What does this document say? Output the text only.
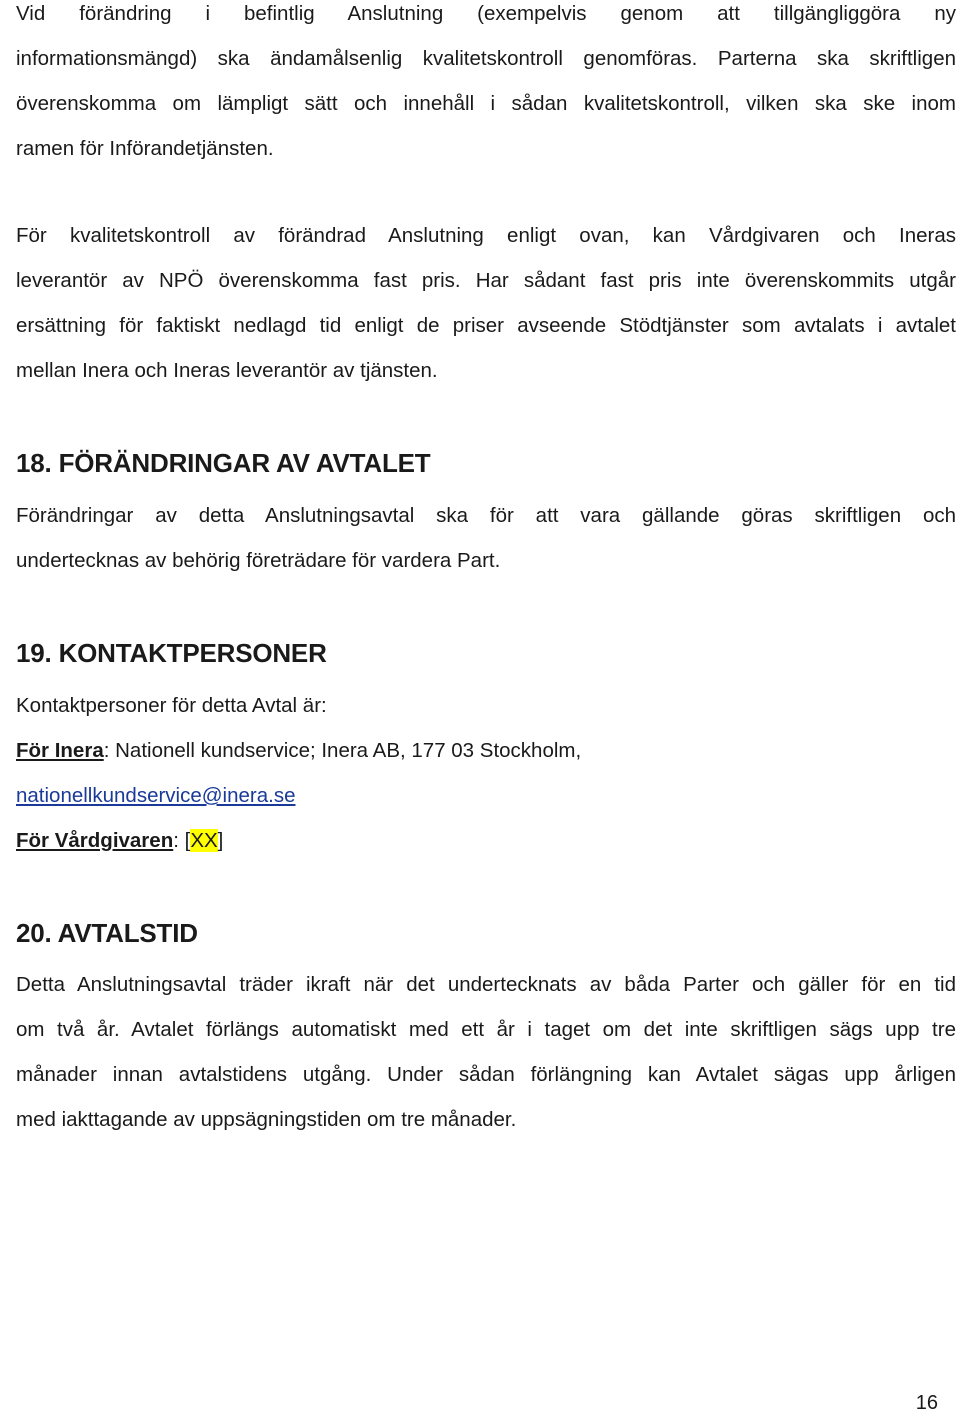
Vid förändring i befintlig Anslutning (exempelvis genom att tillgängliggöra ny
informationsmängd) ska ändamålsenlig kvalitetskontroll genomföras. Parterna ska skriftligen
överenskomma om lämpligt sätt och innehåll i sådan kvalitetskontroll, vilken ska ske inom
ramen för Införandetjänsten.
För kvalitetskontroll av förändrad Anslutning enligt ovan, kan Vårdgivaren och Ineras
leverantör av NPÖ överenskomma fast pris. Har sådant fast pris inte överenskommits utgår
ersättning för faktiskt nedlagd tid enligt de priser avseende Stödtjänster som avtalats i avtalet
mellan Inera och Ineras leverantör av tjänsten.
18. FÖRÄNDRINGAR AV AVTALET
Förändringar av detta Anslutningsavtal ska för att vara gällande göras skriftligen och
undertecknas av behörig företrädare för vardera Part.
19. KONTAKTPERSONER
Kontaktpersoner för detta Avtal är:
För Inera: Nationell kundservice; Inera AB, 177 03 Stockholm,
nationellkundservice@inera.se
För Vårdgivaren: [XX]
20. AVTALSTID
Detta Anslutningsavtal träder ikraft när det undertecknats av båda Parter och gäller för en tid
om två år. Avtalet förlängs automatiskt med ett år i taget om det inte skriftligen sägs upp tre
månader innan avtalstidens utgång. Under sådan förlängning kan Avtalet sägas upp årligen
med iakttagande av uppsägningstiden om tre månader.
16
